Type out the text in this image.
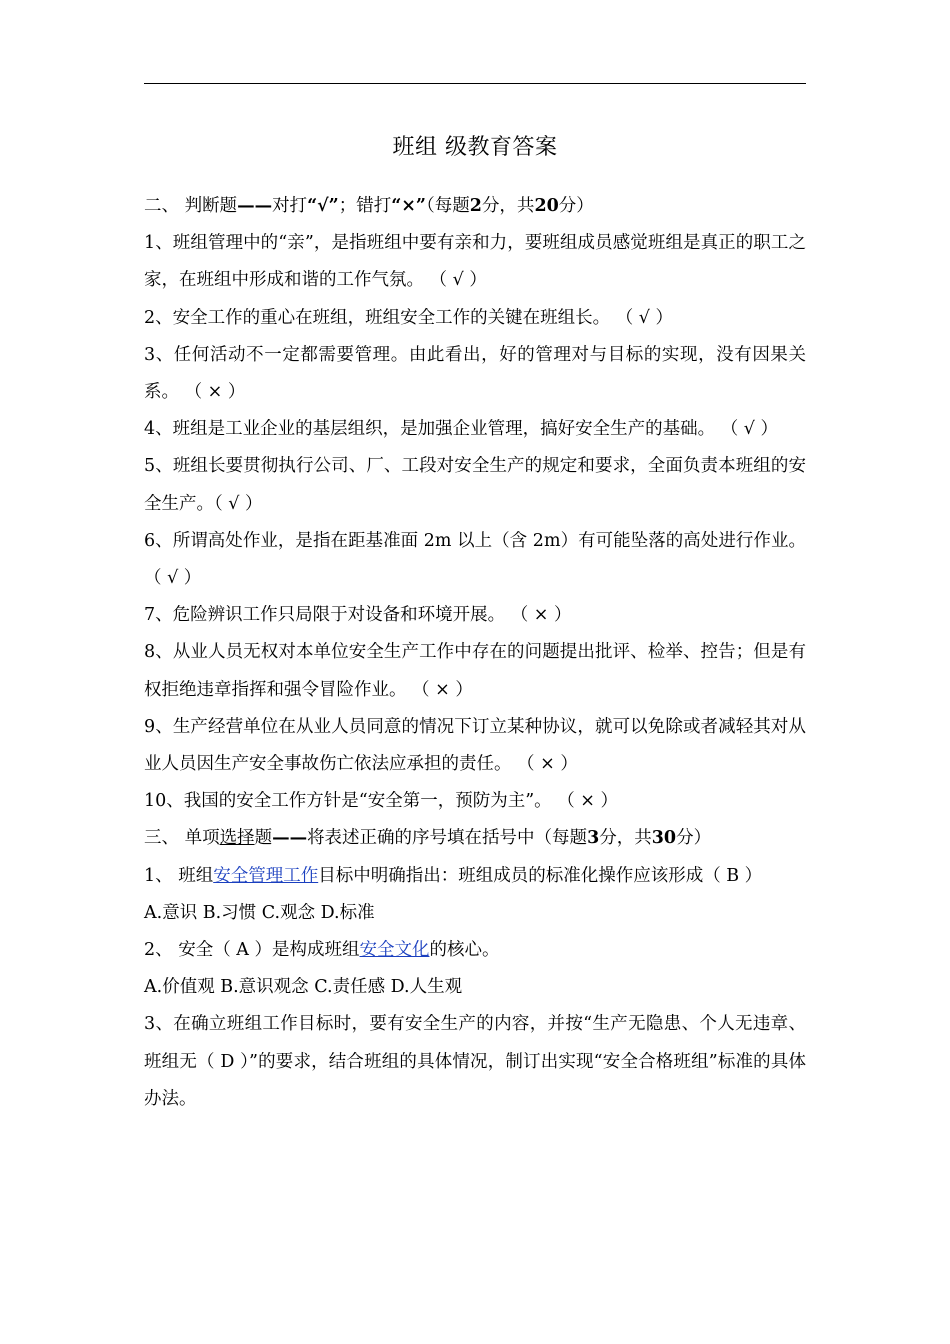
班组 级教育答案

二、 判断题——对打“√”；错打“×”（每题2分，共20分）

1、班组管理中的“亲”，是指班组中要有亲和力，要班组成员感觉班组是真正的职工之家，在班组中形成和谐的工作气氛。 （ √ ）

2、安全工作的重心在班组，班组安全工作的关键在班组长。 （ √ ）

3、任何活动不一定都需要管理。由此看出，好的管理对与目标的实现，没有因果关系。 （ × ）

4、班组是工业企业的基层组织，是加强企业管理，搞好安全生产的基础。 （ √ ）

5、班组长要贯彻执行公司、厂、工段对安全生产的规定和要求，全面负责本班组的安全生产。（ √ ）

6、所谓高处作业，是指在距基准面 2m 以上（含 2m）有可能坠落的高处进行作业。 （ √ ）

7、危险辨识工作只局限于对设备和环境开展。 （ × ）

8、从业人员无权对本单位安全生产工作中存在的问题提出批评、检举、控告；但是有权拒绝违章指挥和强令冒险作业。 （ × ）

9、生产经营单位在从业人员同意的情况下订立某种协议，就可以免除或者减轻其对从业人员因生产安全事故伤亡依法应承担的责任。 （ × ）

10、我国的安全工作方针是“安全第一，预防为主”。 （ × ）

三、 单项选择题——将表述正确的序号填在括号中（每题3分，共30分）

1、 班组安全管理工作目标中明确指出：班组成员的标准化操作应该形成（ B ）

A.意识 B.习惯 C.观念 D.标准

2、 安全（ A ）是构成班组安全文化的核心。

A.价值观 B.意识观念 C.责任感 D.人生观

3、在确立班组工作目标时，要有安全生产的内容，并按“生产无隐患、个人无违章、班组无（ D ）”的要求，结合班组的具体情况，制订出实现“安全合格班组”标准的具体办法。
